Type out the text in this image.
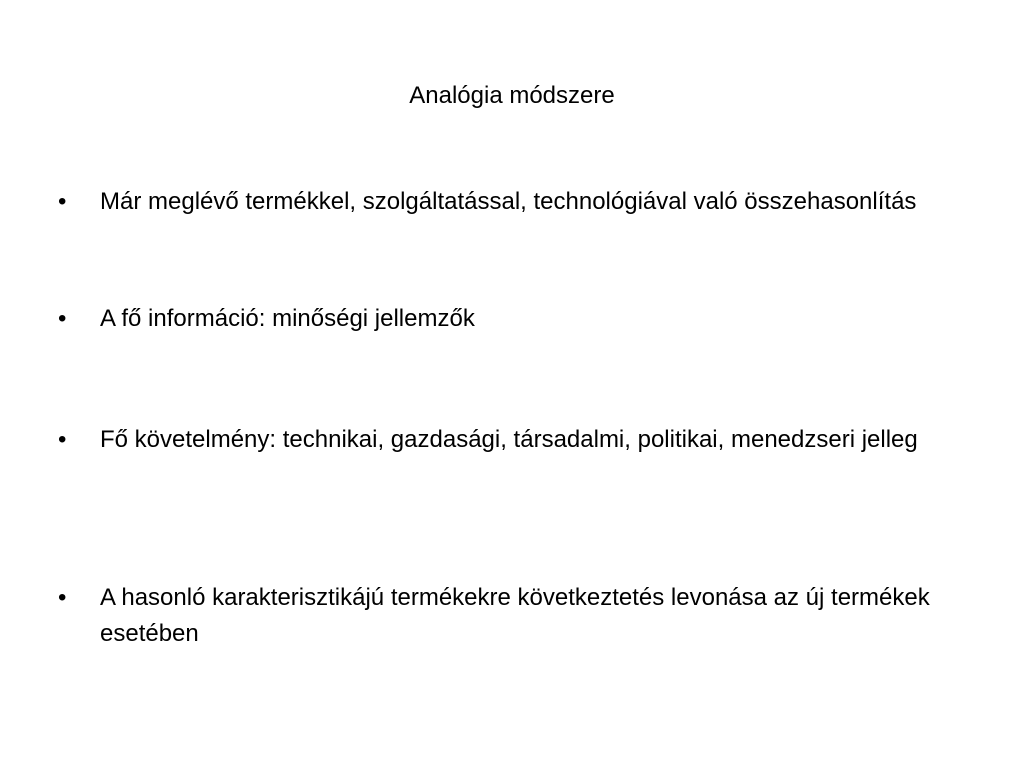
Analógia módszere
•	Már meglévő termékkel, szolgáltatással, technológiával való összehasonlítás
•	A fő információ: minőségi jellemzők
•	Fő követelmény: technikai, gazdasági, társadalmi, politikai, menedzseri jelleg
•	A hasonló karakterisztikájú termékekre következtetés levonása az új termékek esetében
